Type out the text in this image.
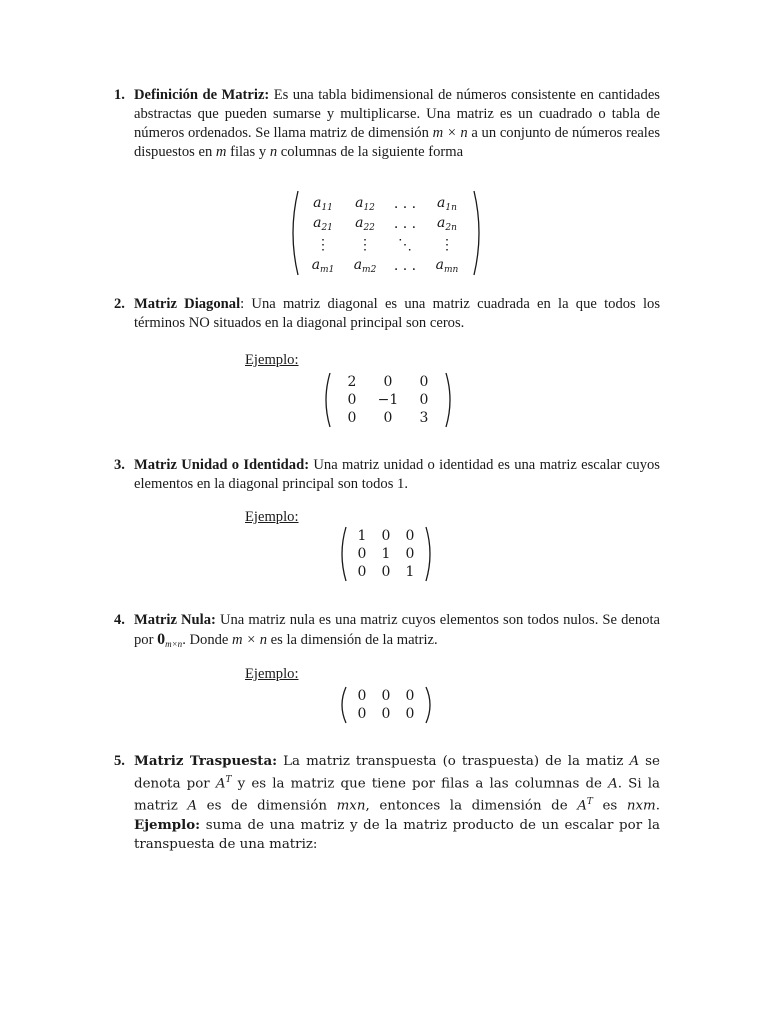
1. Definición de Matriz: Es una tabla bidimensional de números consistente en cantidades abstractas que pueden sumarse y multiplicarse. Una matriz es un cuadrado o tabla de números ordenados. Se llama matriz de dimensión m × n a un conjunto de números reales dispuestos en m filas y n columnas de la siguiente forma
$a_{11}$	$a_{12}$	. . .	$a_{1n}$
$a_{21}$	$a_{22}$	. . .	$a_{2n}$
⋮	⋮	⋱	⋮
$a_{m1}$	$a_{m2}$	. . .	$a_{mn}$
2. Matriz Diagonal: Una matriz diagonal es una matriz cuadrada en la que todos los términos NO situados en la diagonal principal son ceros.
Ejemplo:
2	0	0
0	−1	0
0	0	3
3. Matriz Unidad o Identidad: Una matriz unidad o identidad es una matriz escalar cuyos elementos en la diagonal principal son todos 1.
Ejemplo:
1	0	0
0	1	0
0	0	1
4. Matriz Nula: Una matriz nula es una matriz cuyos elementos son todos nulos. Se denota por $0_{m\times n}$. Donde m × n es la dimensión de la matriz.
Ejemplo:
0	0	0
0	0	0
5. Matriz Traspuesta: La matriz transpuesta (o traspuesta) de la matiz A se denota por $A^T$ y es la matriz que tiene por filas a las columnas de A. Si la matriz A es de dimensión mxn, entonces la dimensión de $A^T$ es nxm. Ejemplo: suma de una matriz y de la matriz producto de un escalar por la transpuesta de una matriz:
